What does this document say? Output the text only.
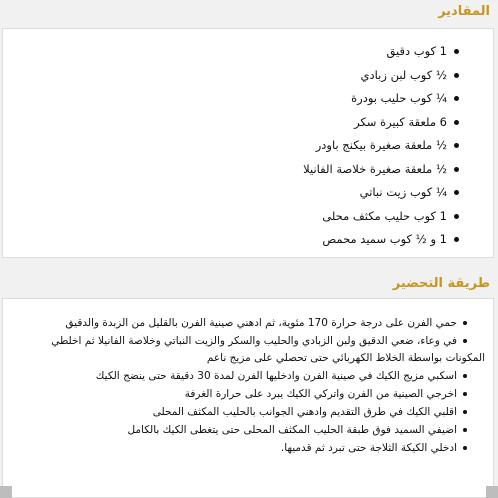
المقادير
1 كوب دقيق
½ كوب لبن زبادي
¼ كوب حليب بودرة
6 ملعقة كبيرة سكر
½ ملعقة صغيرة بيكنج باودر
½ ملعقة صغيرة خلاصة الفانيلا
¼ كوب زيت نباتي
1 كوب حليب مكثف محلى
1 و ½ كوب سميد محمص
طريقة التحضير
حمي الفرن على درجة حرارة 170 مئوية، ثم ادهني صينية الفرن بالقليل من الزبدة والدقيق
في وعاء، ضعي الدقيق ولبن الزبادي والحليب والسكر والزيت النباتي وخلاصة الفانيلا ثم اخلطي المكونات بواسطة الخلاط الكهربائي حتى تحصلي على مزيج ناعم
اسكبي مزيج الكيك في صينية الفرن وادخليها الفرن لمدة 30 دقيقة حتى ينضج الكيك
اخرجي الصينية من الفرن واتركي الكيك يبرد على حرارة الغرفة
اقلبي الكيك في طرق التقديم وادهني الجوانب بالحليب المكثف المحلى
اضيفي السميد فوق طبقة الحليب المكثف المحلى حتى يتغطى الكيك بالكامل
ادخلي الكيكة الثلاجة حتى تبرد ثم قدميها.
